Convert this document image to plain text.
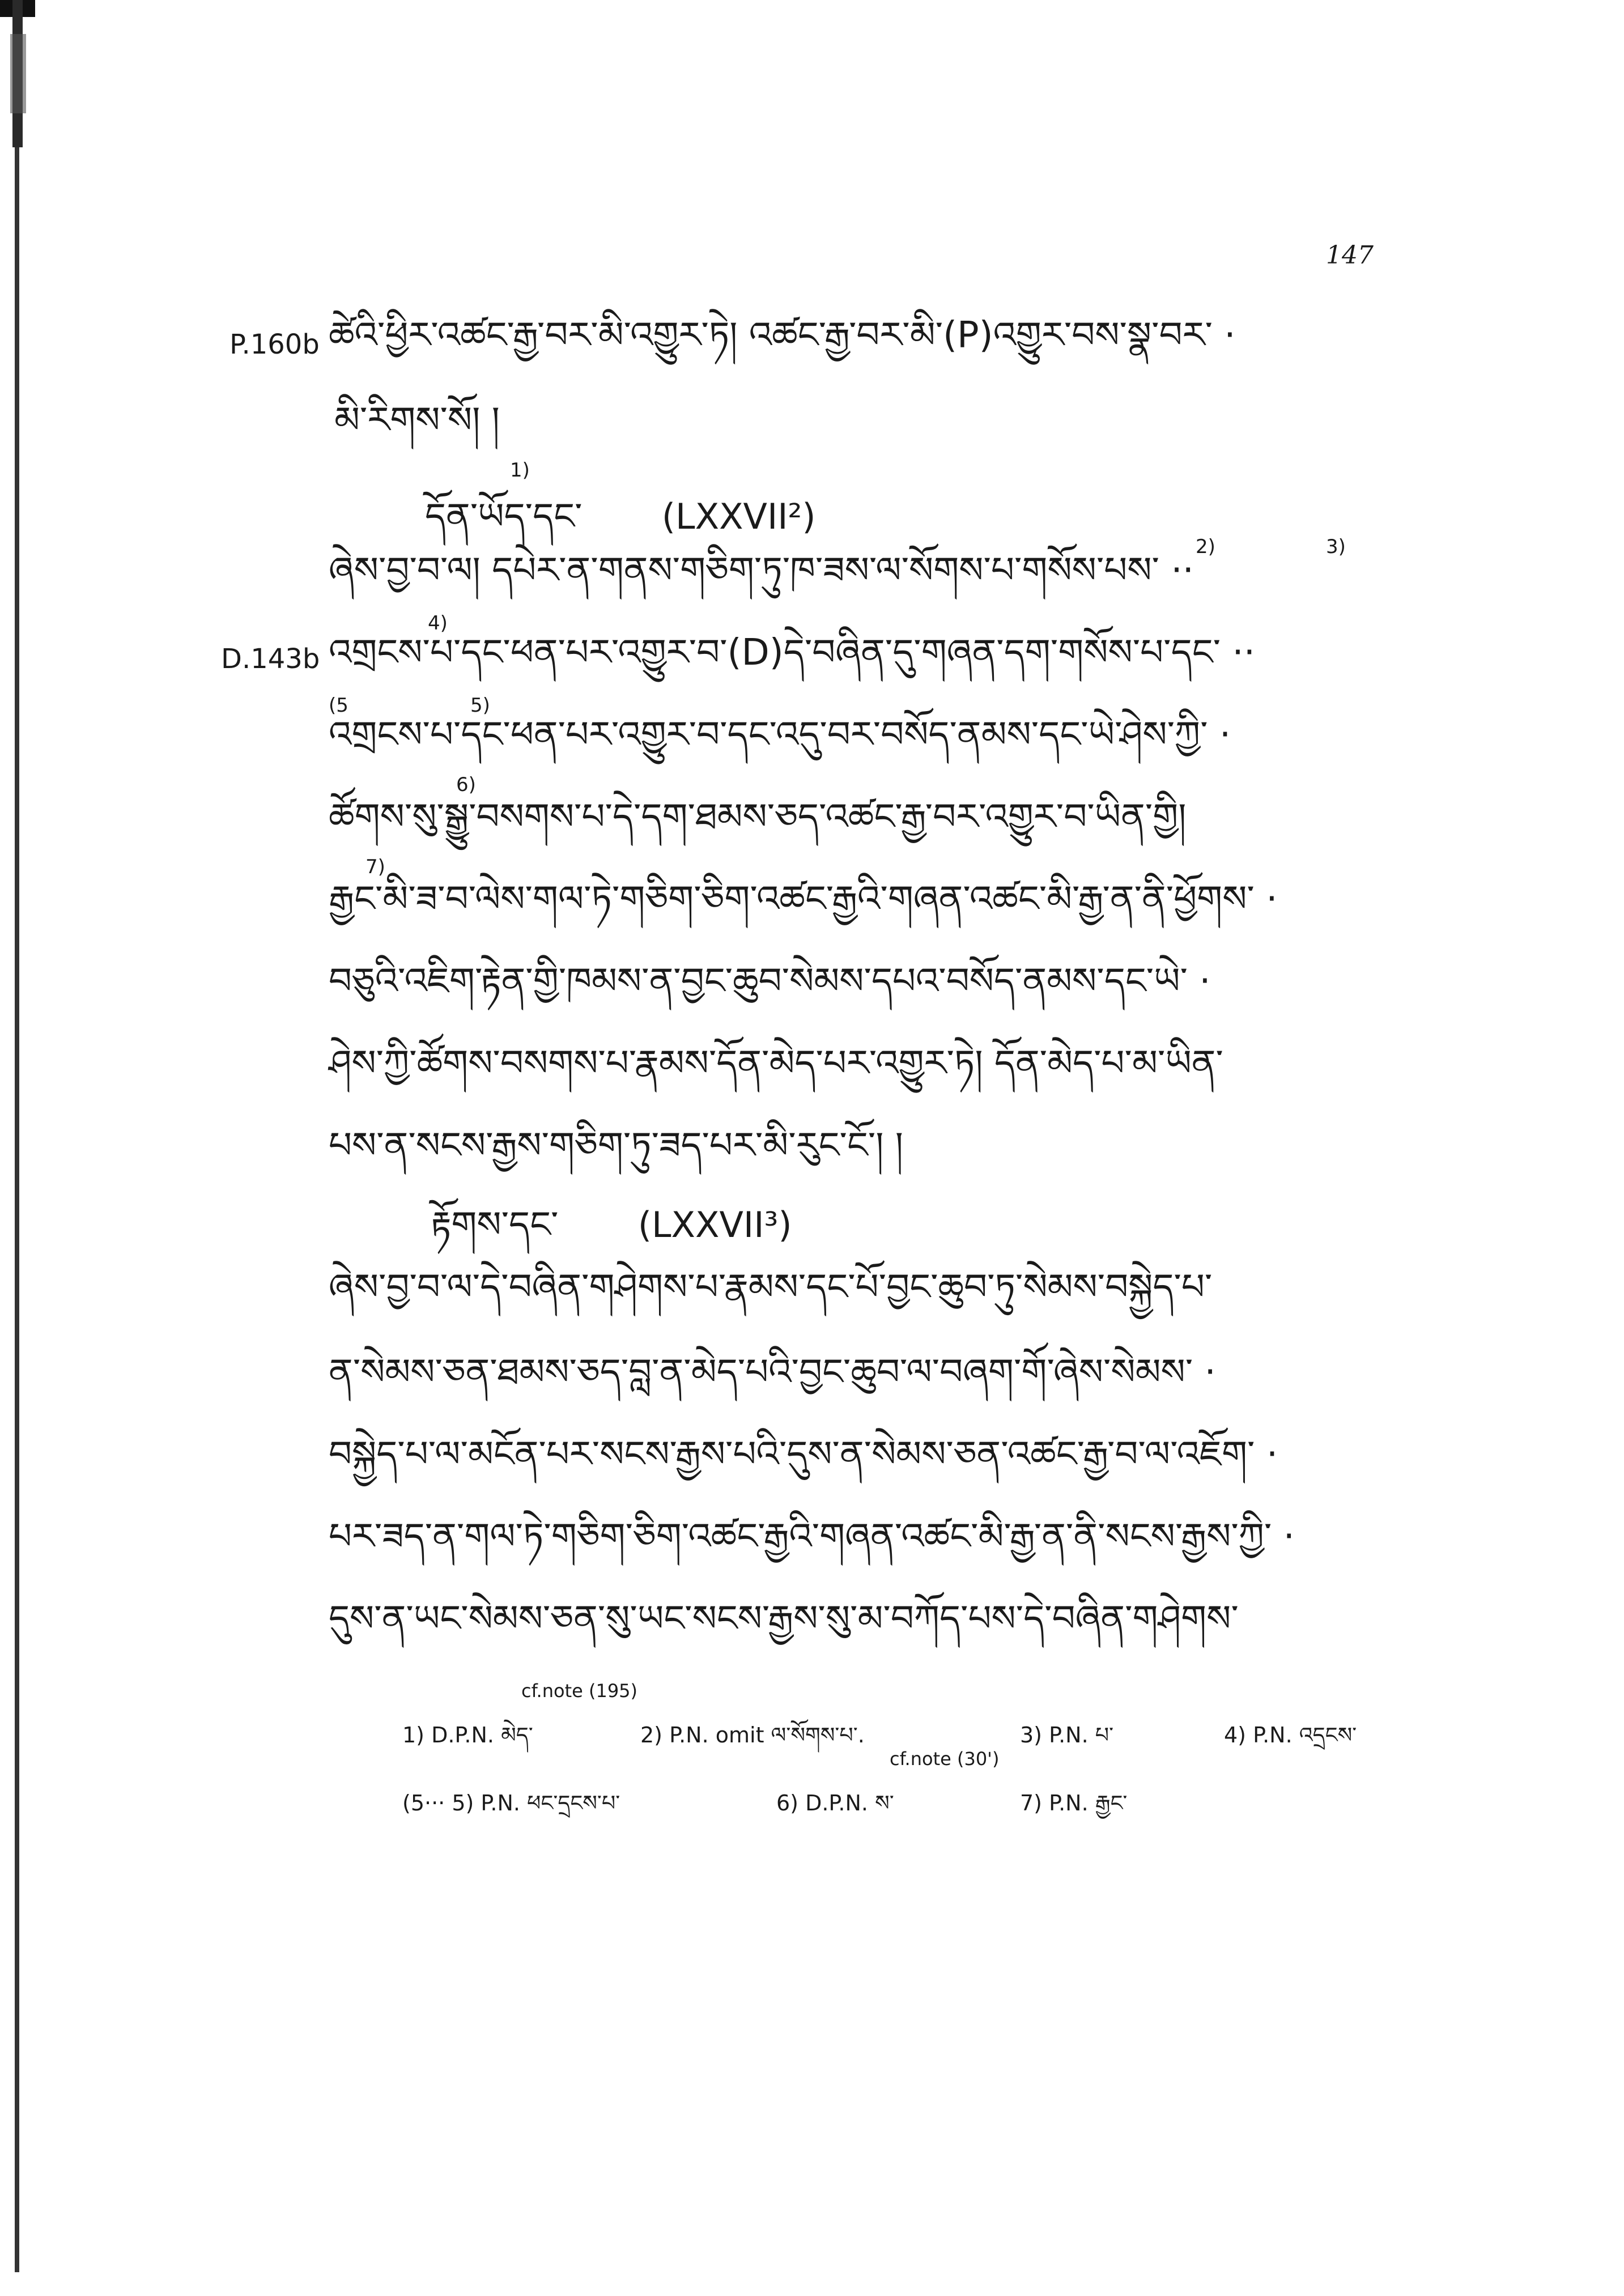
147
P.160b ཚེའི་ཕྱིར་འཚང་རྒྱ་བར་མི་འགྱུར་ཏེ། འཚང་རྒྱ་བར་མི་(P)འགྱུར་བས་སྣ་བར་ ·
མི་རིགས་སོ། །
དོན་ཡོད་དང་ (LXXVII²)
1)
ཞེས་བྱ་བ་ལ། དཔེར་ན་གནས་གཅིག་ཏུ་ཁ་ཟས་ལ་སོགས་པ་གསོས་པས་ ··
2)	3)
D.143b
4)
འགྲངས་པ་དང་ཕན་པར་འགྱུར་བ་(D)དེ་བཞིན་དུ་གཞན་དག་གསོས་པ་དང་ ··
(5	5)
འགྲངས་པ་དང་ཕན་པར་འགྱུར་བ་དང་འདུ་བར་བསོད་ནམས་དང་ཡེ་ཤེས་ཀྱི་ ·
6)
ཚོགས་སུ་སྒྱུ་བསགས་པ་དེ་དག་ཐམས་ཅད་འཚང་རྒྱ་བར་འགྱུར་བ་ཡིན་གྱི།
7)
རྒྱང་མི་ཟ་བ་ལེས་གལ་ཏེ་གཅིག་ཅིག་འཚང་རྒྱའི་གཞན་འཚང་མི་རྒྱ་ན་ནི་ཕྱོགས་ ·
བཅུའི་འཇིག་རྟེན་གྱི་ཁམས་ན་བྱང་ཆུབ་སེམས་དཔའ་བསོད་ནམས་དང་ཡེ་ ·
ཤེས་ཀྱི་ཚོགས་བསགས་པ་རྣམས་དོན་མེད་པར་འགྱུར་ཏེ། དོན་མེད་པ་མ་ཡིན་
པས་ན་སངས་རྒྱས་གཅིག་ཏུ་ཟད་པར་མི་རུང་ངོ་། །
རྟོགས་དང་ (LXXVII³)
ཞེས་བྱ་བ་ལ་དེ་བཞིན་གཤེགས་པ་རྣམས་དང་པོ་བྱང་ཆུབ་ཏུ་སེམས་བསྐྱེད་པ་
ན་སེམས་ཅན་ཐམས་ཅད་བླ་ན་མེད་པའི་བྱང་ཆུབ་ལ་བཞག་གོ་ཞེས་སེམས་ ·
བསྐྱེད་པ་ལ་མངོན་པར་སངས་རྒྱས་པའི་དུས་ན་སེམས་ཅན་འཚང་རྒྱ་བ་ལ་འཇོག་ ·
པར་ཟད་ན་གལ་ཏེ་གཅིག་ཅིག་འཚང་རྒྱའི་གཞན་འཚང་མི་རྒྱ་ན་ནི་སངས་རྒྱས་ཀྱི་ ·
དུས་ན་ཡང་སེམས་ཅན་སུ་ཡང་སངས་རྒྱས་སུ་མ་བཀོད་པས་དེ་བཞིན་གཤེགས་
cf.note (195)
1) D.P.N. མེད་	2) P.N. omit ལ་སོགས་པ་.	3) P.N. པ་	4) P.N. འདྲངས་
cf.note (30')
(5··· 5) P.N. ཕང་དྲངས་པ་	6) D.P.N. ས་	7) P.N. རྒྱང་
